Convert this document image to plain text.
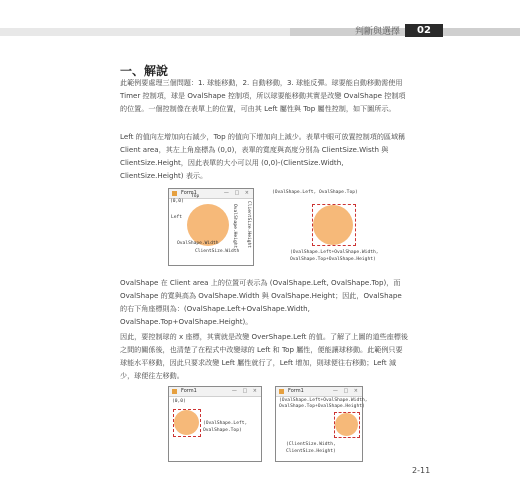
判斷與選擇	02
一、解說
此範例要處理三個問題：1. 球能移動，2. 自動移動，3. 球能反彈。球要能自動移動需使用 Timer 控制項，球是 OvalShape 控制項，所以球要能移動其實是改變 OvalShape 控制項的位置。一個控制像在表單上的位置，可由其 Left 屬性與 Top 屬性控制，如下圖所示。
Left 的值向左增加向右減少，Top 的值向下增加向上減少。表單中眼可放置控制項的區域稱 Client area，其左上角座標為 (0,0)，表單的寬度與高度分別為 ClientSize.Wisth 與 ClientSize.Height，因此表單的大小可以用 (0,0)-(ClientSize.Width, ClientSize.Height) 表示。
Form1	— □ ×
(0,0)
Top
Left
OvalShape.Width
ClientSize.Width
OvalShape.Height ClientSize.Height
(OvalShape.Left, OvalShape.Top)
(OvalShape.Left+OvalShape.Width,
OvalShape.Top+OvalShape.Height)
OvalShape 在 Client area 上的位置可表示為 (OvalShape.Left, OvalShape.Top)，而 OvalShape 的寬與高為 OvalShape.Width 與 OvalShape.Height；因此，OvalShape 的右下角座標則為：(OvalShape.Left+OvalShape.Width, OvalShape.Top+OvalShape.Height)。
因此，要控制球的 x 座標，其實就是改變 OverShape.Left 的值。了解了上圖的道些座標後之間的關係後，也清楚了在程式中改變球的 Left 和 Top 屬性，便能讓球移動。此範例只要球能水平移動，因此只要求改變 Left 屬性就行了，Left 增加，則球便往右移動；Left 減少，球便往左移動。
Form1	— □ ×
(0,0)
(OvalShape.Left,
OvalShape.Top)
Form1	— □ ×
(OvalShape.Left+OvalShape.Width,
OvalShape.Top+OvalShape.Height)
(ClientSize.Width,
ClientSize.Height)
2-11
